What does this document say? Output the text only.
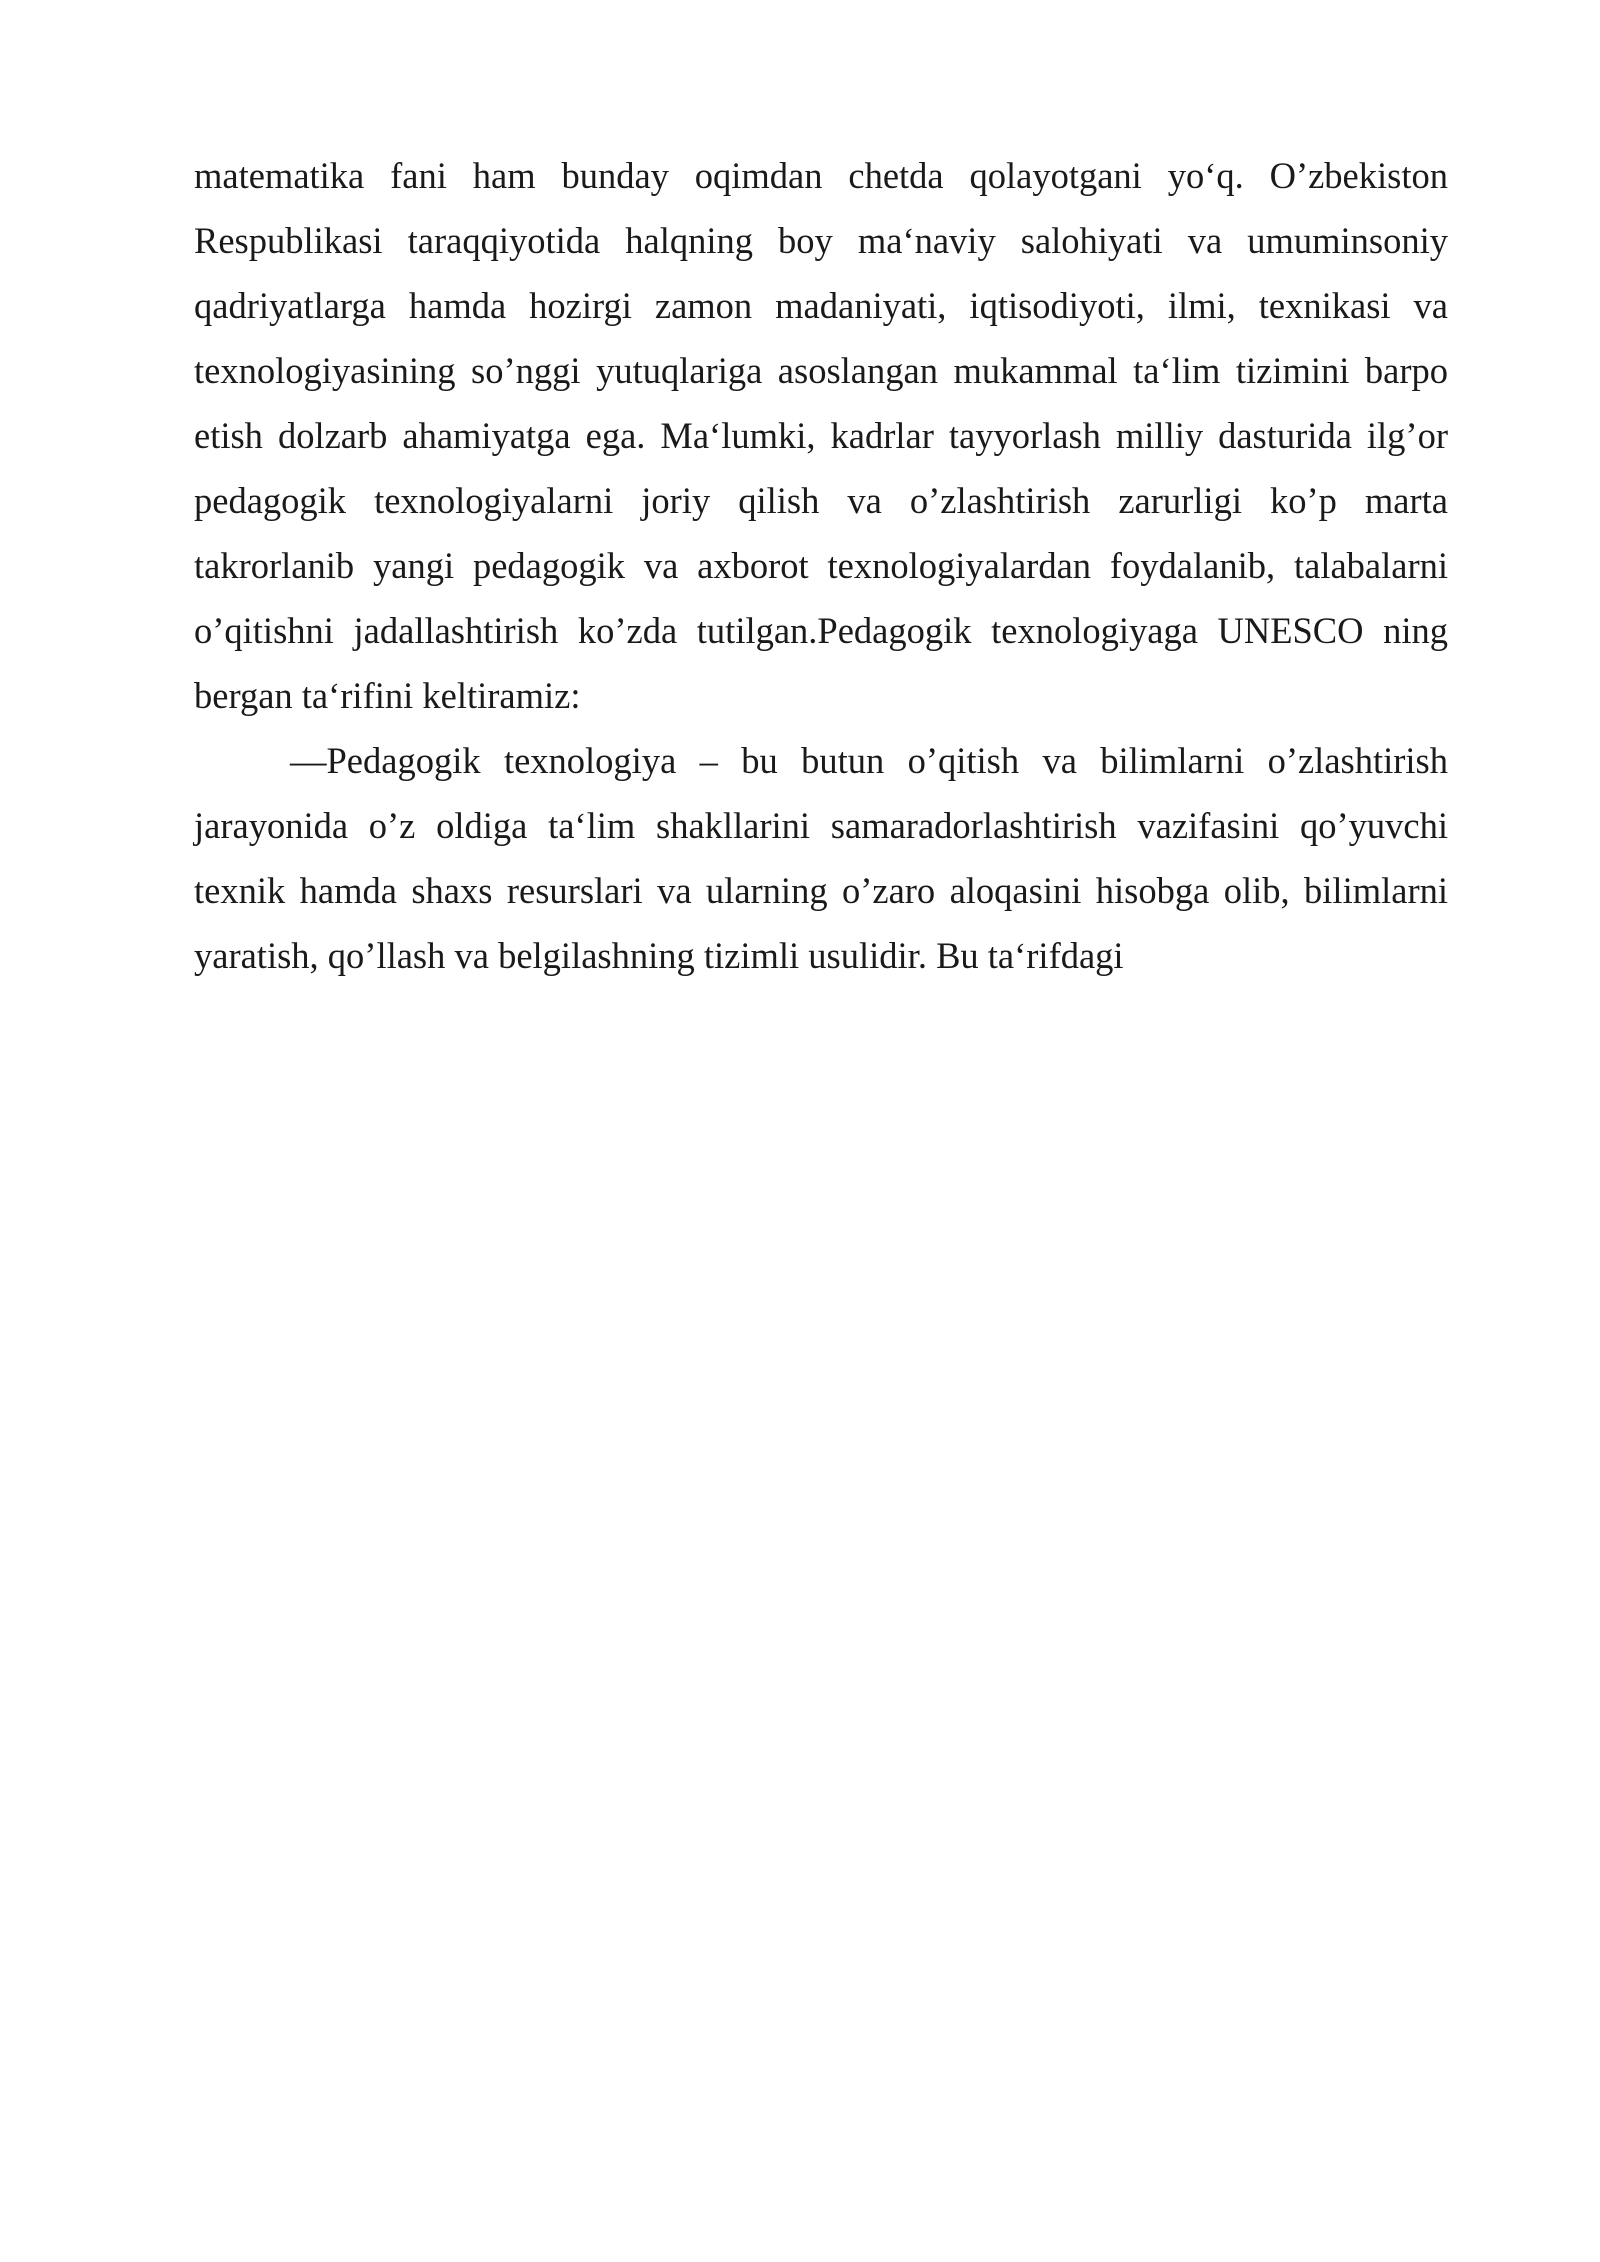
matematika fani ham bunday oqimdan chetda qolayotgani yo‘q. O’zbekiston Respublikasi taraqqiyotida halqning boy ma‘naviy salohiyati va umuminsoniy qadriyatlarga hamda hozirgi zamon madaniyati, iqtisodiyoti, ilmi, texnikasi va texnologiyasining so’nggi yutuqlariga asoslangan mukammal ta‘lim tizimini barpo etish dolzarb ahamiyatga ega. Ma‘lumki, kadrlar tayyorlash milliy dasturida ilg’or pedagogik texnologiyalarni joriy qilish va o’zlashtirish zarurligi ko’p marta takrorlanib yangi pedagogik va axborot texnologiyalardan foydalanib, talabalarni o’qitishni jadallashtirish ko’zda tutilgan.Pedagogik texnologiyaga UNESCO ning bergan ta‘rifini keltiramiz:

―Pedagogik texnologiya – bu butun o’qitish va bilimlarni o’zlashtirish jarayonida o’z oldiga ta‘lim shakllarini samaradorlashtirish vazifasini qo’yuvchi texnik hamda shaxs resurslari va ularning o’zaro aloqasini hisobga olib, bilimlarni yaratish, qo’llash va belgilashning tizimli usulidir. Bu ta‘rifdagi
